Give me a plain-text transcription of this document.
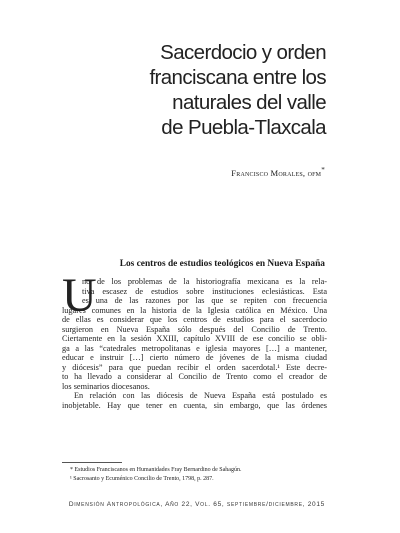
Sacerdocio y orden
franciscana entre los
naturales del valle
de Puebla-Tlaxcala
Francisco Morales, ofm*
Los centros de estudios teológicos en Nueva España
U

no de los problemas de la historiografía mexicana es la rela-
tiva escasez de estudios sobre instituciones eclesiásticas. Esta
es una de las razones por las que se repiten con frecuencia
lugares comunes en la historia de la Iglesia católica en México. Una
de ellas es considerar que los centros de estudios para el sacerdocio
surgieron en Nueva España sólo después del Concilio de Trento.
Ciertamente en la sesión XXIII, capítulo XVIII de ese concilio se obli-
ga a las “catedrales metropolitanas e iglesia mayores […] a mantener,
educar e instruir […] cierto número de jóvenes de la misma ciudad
y diócesis” para que puedan recibir el orden sacerdotal.¹ Este decre-
to ha llevado a considerar al Concilio de Trento como el creador de
los seminarios diocesanos.

En relación con las diócesis de Nueva España está postulado es
inobjetable. Hay que tener en cuenta, sin embargo, que las órdenes

* Estudios Franciscanos en Humanidades Fray Bernardino de Sahagún.
¹ Sacrosanto y Ecuménico Concilio de Trento, 1798, p. 287.
Dimensión Antropológica, Año 22, Vol. 65, septiembre/diciembre, 2015
